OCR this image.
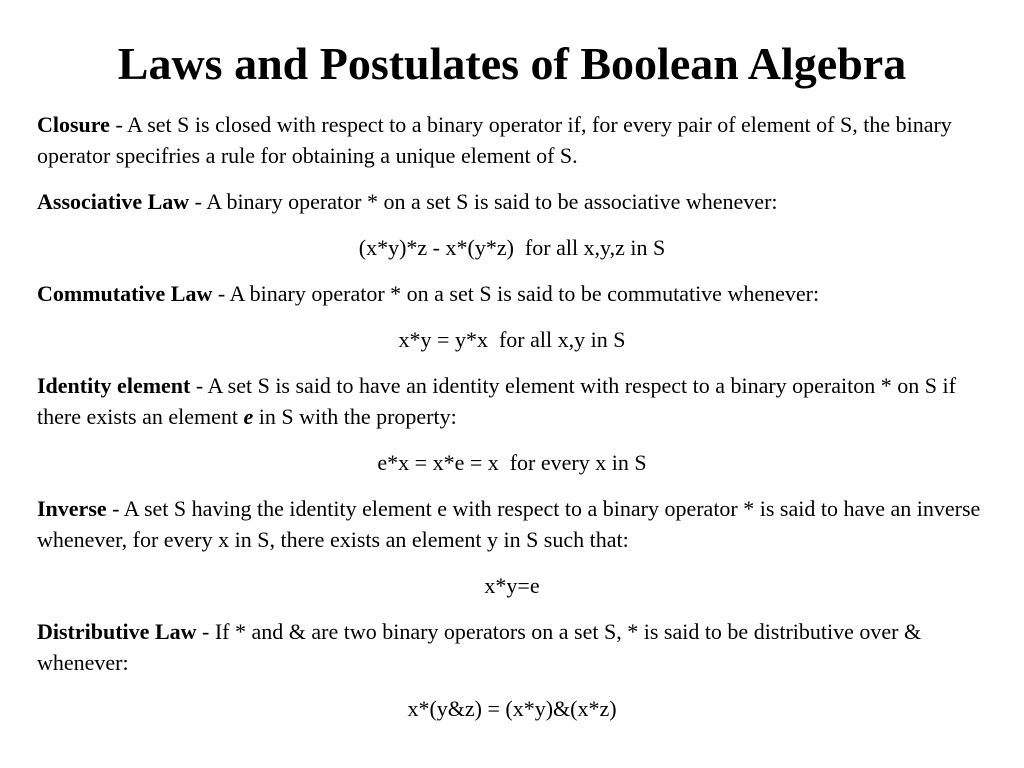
Laws and Postulates of Boolean Algebra

Closure - A set S is closed with respect to a binary operator if, for every pair of element of S, the binary operator specifries a rule for obtaining a unique element of S.

Associative Law - A binary operator * on a set S is said to be associative whenever:

(x*y)*z - x*(y*z)  for all x,y,z in S

Commutative Law - A binary operator * on a set S is said to be commutative whenever:

x*y = y*x  for all x,y in S

Identity element - A set S is said to have an identity element with respect to a binary operaiton * on S if there exists an element e in S with the property:

e*x = x*e = x  for every x in S

Inverse - A set S having the identity element e with respect to a binary operator * is said to have an inverse whenever, for every x in S, there exists an element y in S such that:

x*y=e

Distributive Law - If * and & are two binary operators on a set S, * is said to be distributive over & whenever:

x*(y&z) = (x*y)&(x*z)
